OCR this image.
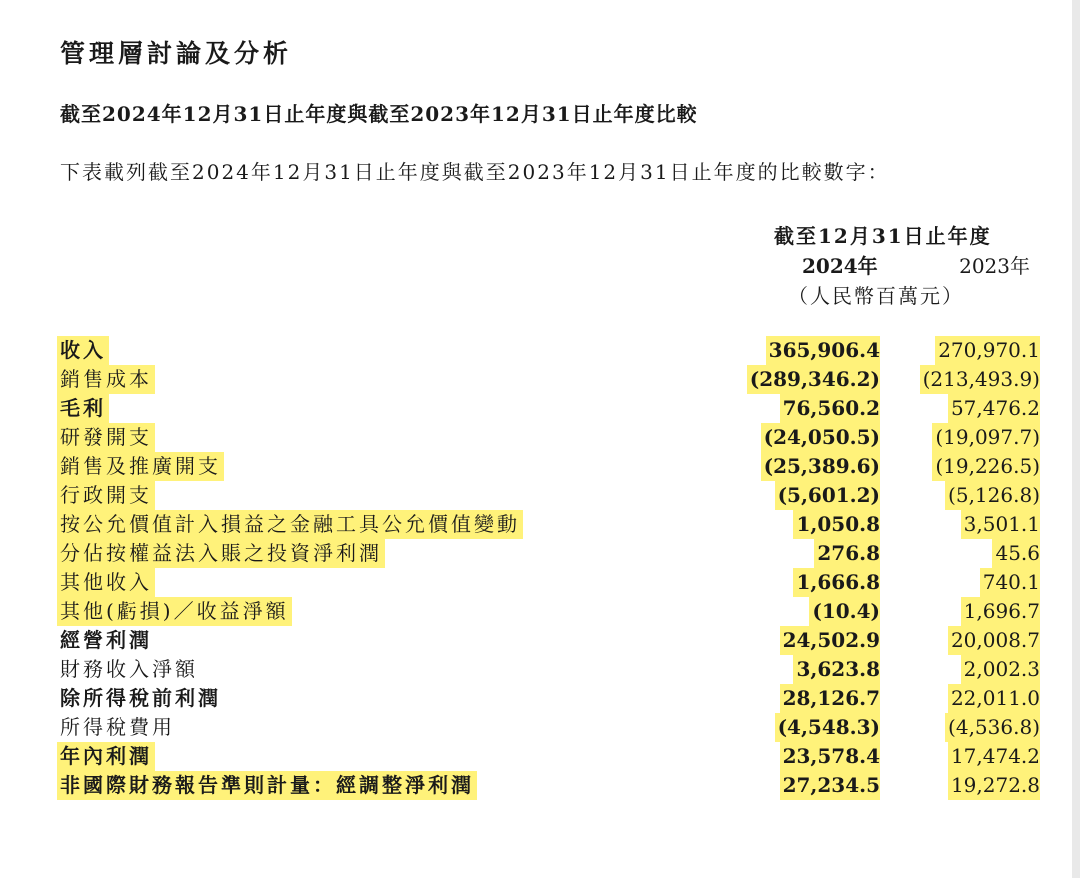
管理層討論及分析
截至2024年12月31日止年度與截至2023年12月31日止年度比較
下表載列截至2024年12月31日止年度與截至2023年12月31日止年度的比較數字：
截至12月31日止年度
2024年	2023年
（人民幣百萬元）
收入	365,906.4	270,970.1
銷售成本	(289,346.2) (213,493.9)
毛利	76,560.2	57,476.2
研發開支	(24,050.5)	(19,097.7)
銷售及推廣開支	(25,389.6)	(19,226.5)
行政開支	(5,601.2)	(5,126.8)
按公允價值計入損益之金融工具公允價值變動	1,050.8	3,501.1
分佔按權益法入賬之投資淨利潤	276.8	45.6
其他收入	1,666.8	740.1
其他(虧損)／收益淨額	(10.4)	1,696.7
經營利潤	24,502.9	20,008.7
財務收入淨額	3,623.8	2,002.3
除所得稅前利潤	28,126.7	22,011.0
所得稅費用	(4,548.3)	(4,536.8)
年內利潤	23,578.4	17,474.2
非國際財務報告準則計量：經調整淨利潤	27,234.5	19,272.8
